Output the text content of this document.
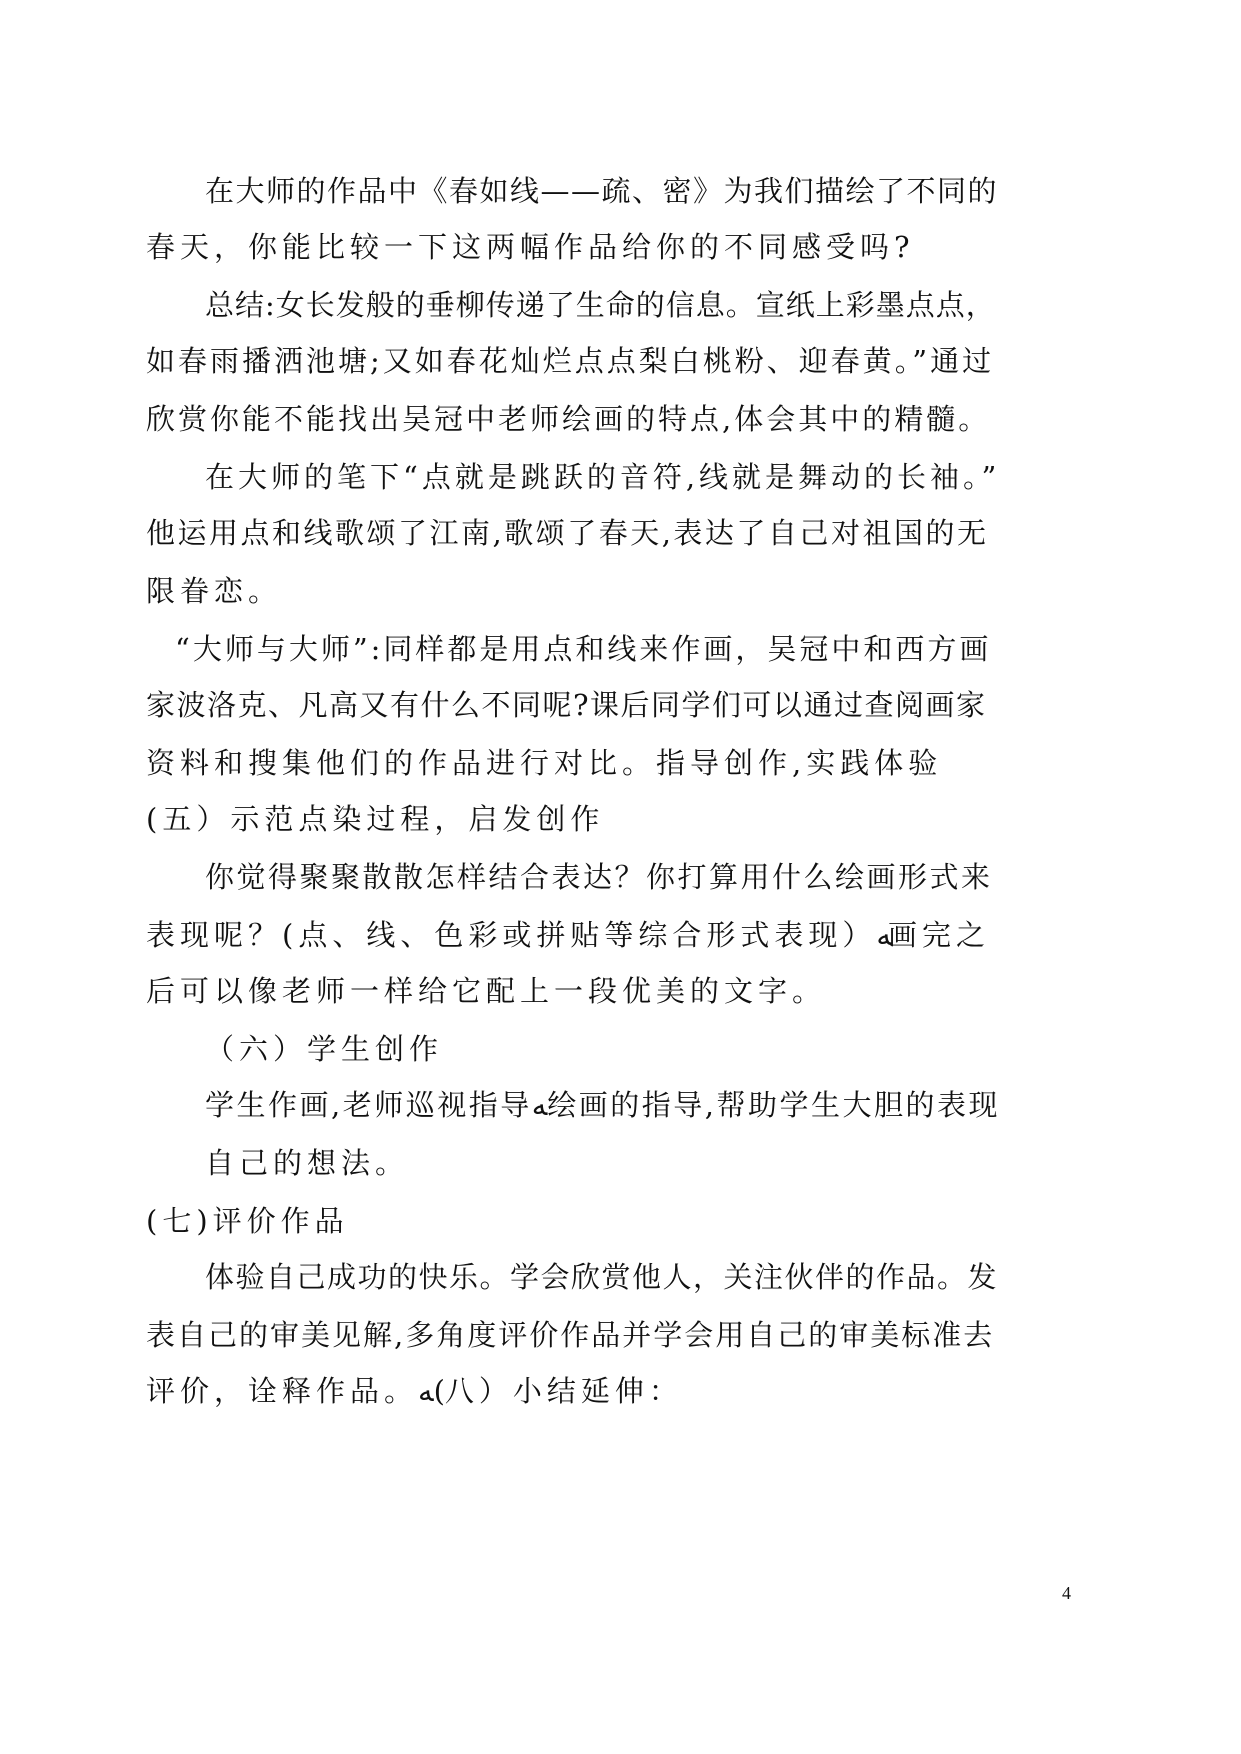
在大师的作品中《春如线——疏、密》为我们描绘了不同的
春天，你能比较一下这两幅作品给你的不同感受吗?
总结:女长发般的垂柳传递了生命的信息。宣纸上彩墨点点，
如春雨播洒池塘;又如春花灿烂点点梨白桃粉、迎春黄。”通过
欣赏你能不能找出吴冠中老师绘画的特点,体会其中的精髓。
在大师的笔下“点就是跳跃的音符,线就是舞动的长袖。”
他运用点和线歌颂了江南,歌颂了春天,表达了自己对祖国的无
限眷恋。
“大师与大师”:同样都是用点和线来作画，吴冠中和西方画
家波洛克、凡高又有什么不同呢?课后同学们可以通过查阅画家
资料和搜集他们的作品进行对比。指导创作,实践体验
(五）示范点染过程，启发创作
你觉得聚聚散散怎样结合表达？你打算用什么绘画形式来
表现呢？(点、线、色彩或拼贴等综合形式表现）ﻪ
画完之
后可以像老师一样给它配上一段优美的文字。
（六）学生创作
学生作画,老师巡视指导ﻪ绘画的指导,帮助学生大胆的表现
自己的想法。
(七)评价作品
体验自己成功的快乐。学会欣赏他人，关注伙伴的作品。发
表自己的审美见解,多角度评价作品并学会用自己的审美标准去
评价，诠释作品。ﻪ(八）小结延伸：
4
